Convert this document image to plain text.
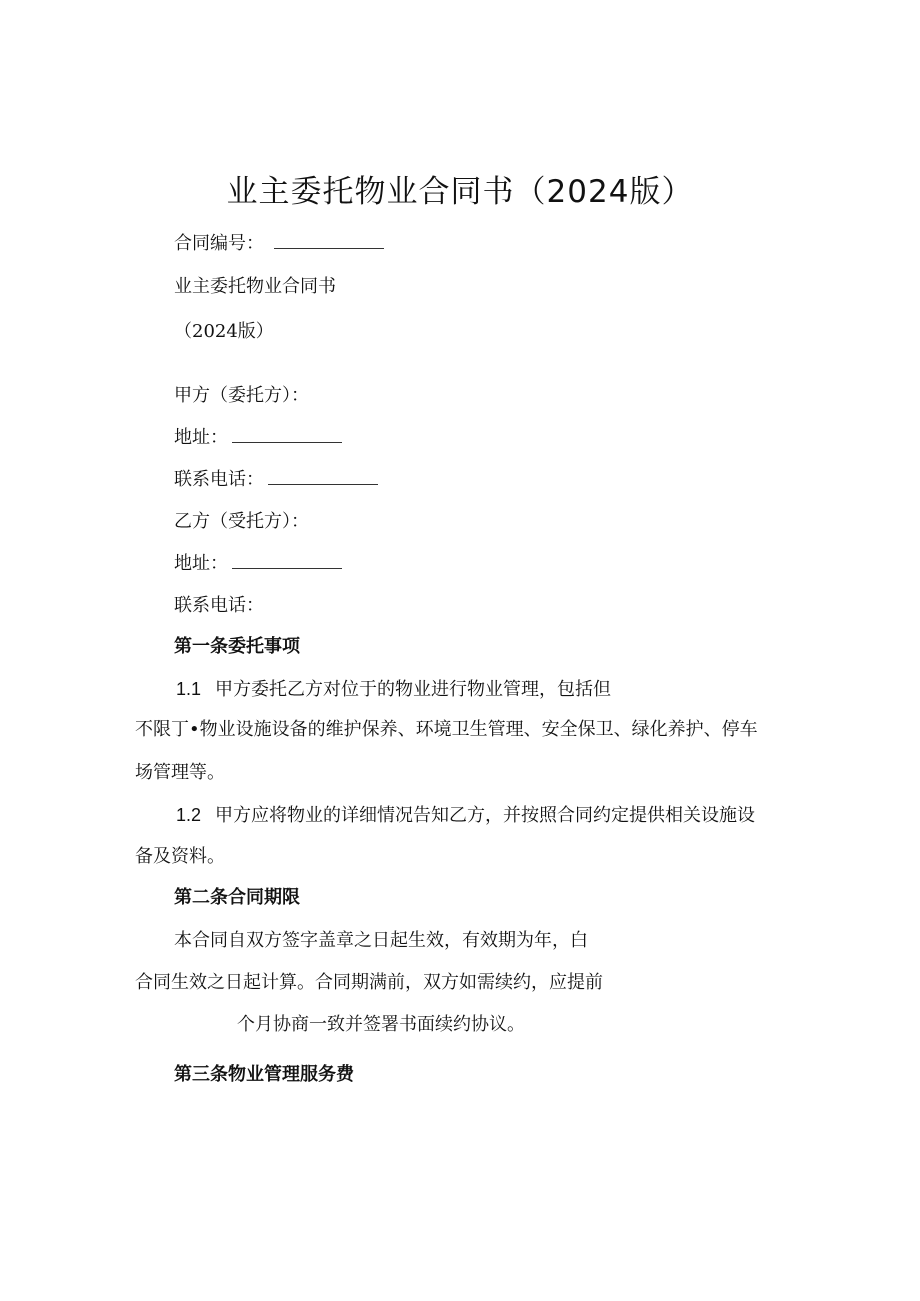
业主委托物业合同书（2024版）
合同编号：
业主委托物业合同书
（2024版）
甲方（委托方）：
地址：
联系电话：
乙方（受托方）：
地址：
联系电话：
第一条委托事项
1.1 甲方委托乙方对位于的物业进行物业管理，包括但
不限丁•物业设施设备的维护保养、环境卫生管理、安全保卫、绿化养护、停车
场管理等。
1.2 甲方应将物业的详细情况告知乙方，并按照合同约定提供相关设施设
备及资料。
第二条合同期限
本合同自双方签字盖章之日起生效，有效期为年，白
合同生效之日起计算。合同期满前，双方如需续约，应提前
个月协商一致并签署书面续约协议。
第三条物业管理服务费
